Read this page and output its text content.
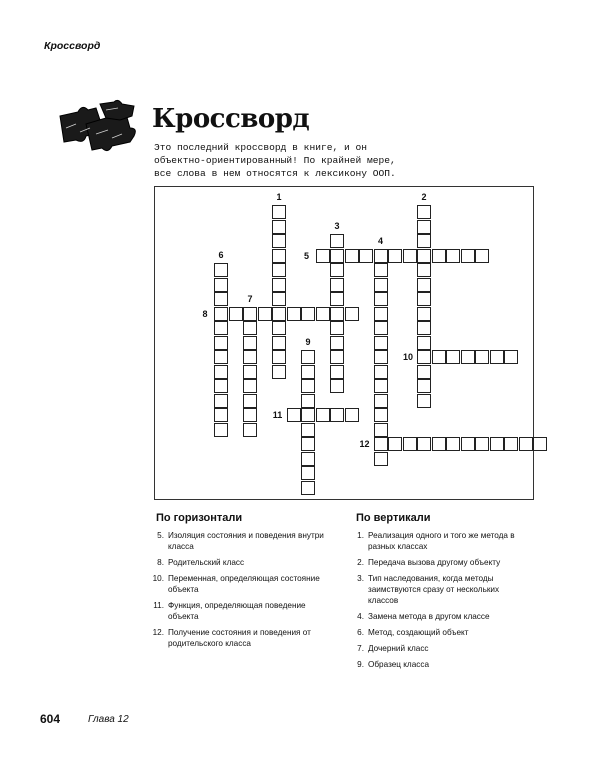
Кроссворд
Кроссворд
Это последний кроссворд в книге, и он
объектно-ориентированный! По крайней мере,
все слова в нем относятся к лексикону ООП.
1	2
3
4
5
6
7
8
9
10
11
12
По горизонтали
5. Изоляция состояния и поведения внутри класса
8. Родительский класс
10. Переменная, определяющая состояние объекта
11. Функция, определяющая поведение объекта
12. Получение состояния и поведения от родительского класса
По вертикали
1. Реализация одного и того же метода в разных классах
2. Передача вызова другому объекту
3. Тип наследования, когда методы заимствуются сразу от нескольких классов
4. Замена метода в другом классе
6. Метод, создающий объект
7. Дочерний класс
9. Образец класса
604	Глава 12
